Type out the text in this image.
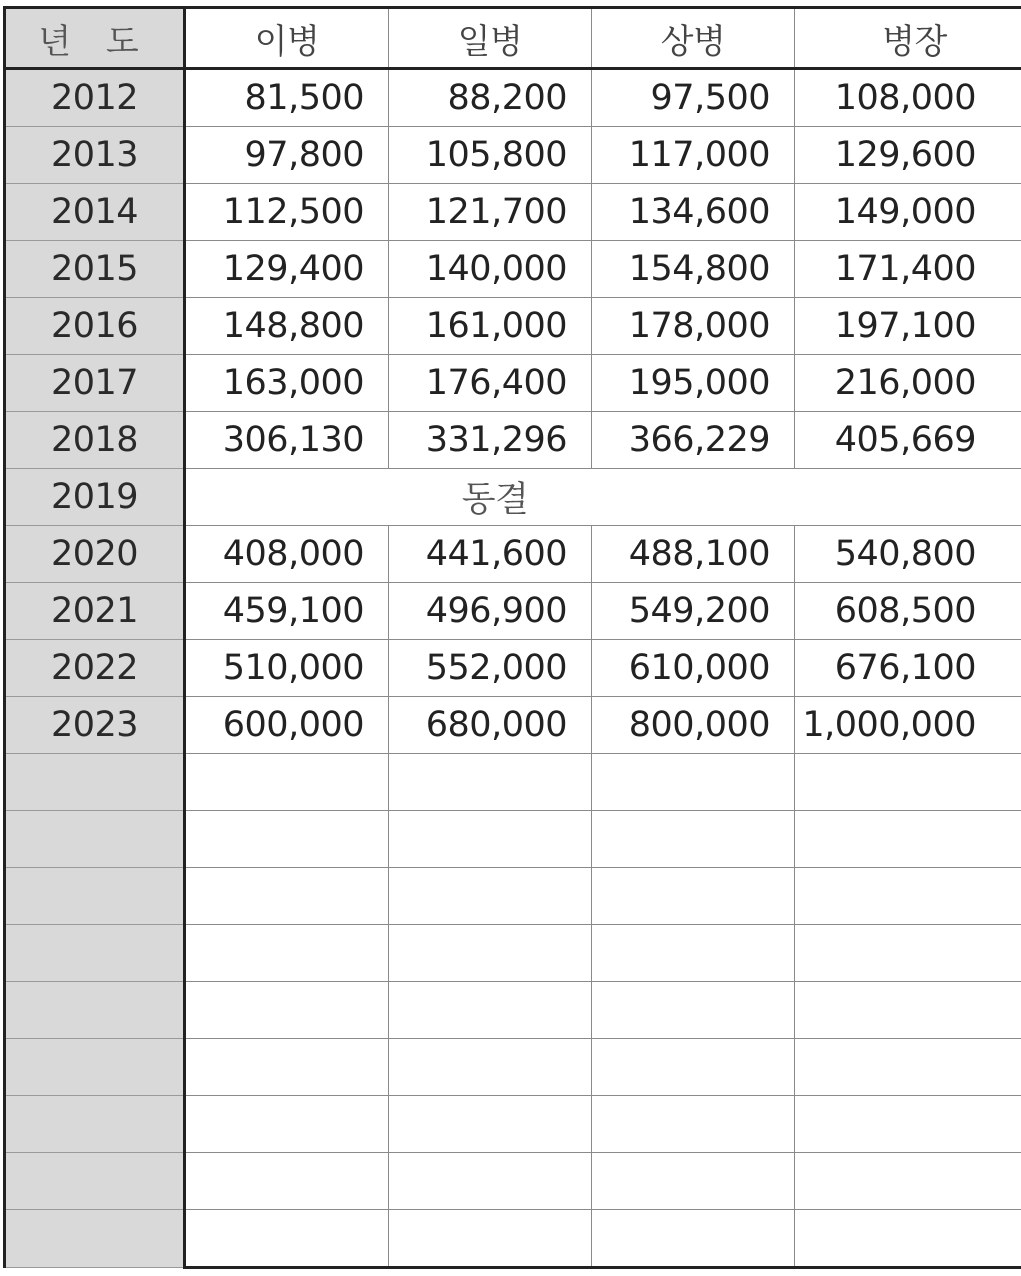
년 도	이병	일병	상병	병장
2012	81,500	88,200	97,500	108,000
2013	97,800	105,800	117,000	129,600
2014	112,500	121,700	134,600	149,000
2015	129,400	140,000	154,800	171,400
2016	148,800	161,000	178,000	197,100
2017	163,000	176,400	195,000	216,000
2018	306,130	331,296	366,229	405,669
2019	동결			
2020	408,000	441,600	488,100	540,800
2021	459,100	496,900	549,200	608,500
2022	510,000	552,000	610,000	676,100
2023	600,000	680,000	800,000	1,000,000
